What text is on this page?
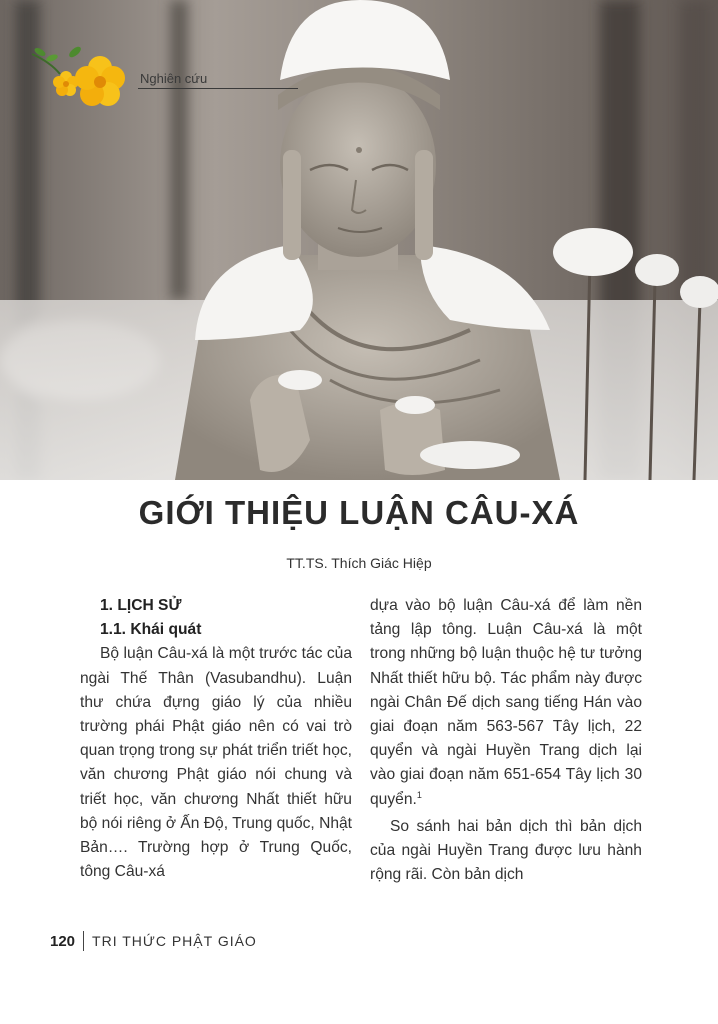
Nghiên cứu
GIỚI THIỆU LUẬN CÂU-XÁ
TT.TS. Thích Giác Hiệp

1. LỊCH SỬ

1.1. Khái quát

Bộ luận Câu-xá là một trước tác của ngài Thế Thân (Vasubandhu). Luận thư chứa đựng giáo lý của nhiều trường phái Phật giáo nên có vai trò quan trọng trong sự phát triển triết học, văn chương Phật giáo nói chung và triết học, văn chương Nhất thiết hữu bộ nói riêng ở Ấn Độ, Trung quốc, Nhật Bản…. Trường hợp ở Trung Quốc, tông Câu-xá

dựa vào bộ luận Câu-xá để làm nền tảng lập tông. Luận Câu-xá là một trong những bộ luận thuộc hệ tư tưởng Nhất thiết hữu bộ. Tác phẩm này được ngài Chân Đế dịch sang tiếng Hán vào giai đoạn năm 563-567 Tây lịch, 22 quyển và ngài Huyền Trang dịch lại vào giai đoạn năm 651-654 Tây lịch 30 quyển.$^1$

So sánh hai bản dịch thì bản dịch của ngài Huyền Trang được lưu hành rộng rãi. Còn bản dịch

120 TRI THỨC PHẬT GIÁO
